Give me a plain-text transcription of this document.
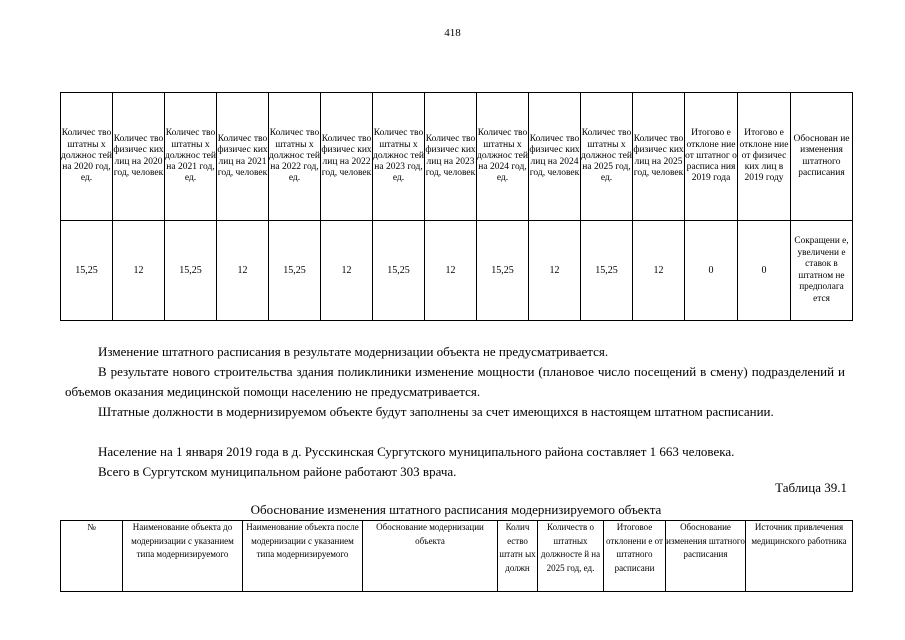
418
Количес тво штатны х должнос тей на 2020 год, ед.	Количес тво физичес ких лиц на 2020 год, человек	Количес тво штатны х должнос тей на 2021 год, ед.	Количес тво физичес ких лиц на 2021 год, человек	Количес тво штатны х должнос тей на 2022 год, ед.	Количес тво физичес ких лиц на 2022 год, человек	Количес тво штатны х должнос тей на 2023 год, ед.	Количес тво физичес ких лиц на 2023 год, человек	Количес тво штатны х должнос тей на 2024 год, ед.	Количес тво физичес ких лиц на 2024 год, человек	Количес тво штатны х должнос тей на 2025 год, ед.	Количес тво физичес ких лиц на 2025 год, человек	Итогово е отклоне ние от штатног о расписа ния 2019 года	Итогово е отклоне ние от физичес ких лиц в 2019 году	Обоснован ие изменения штатного расписания
15,25	12	15,25	12	15,25	12	15,25	12	15,25	12	15,25	12	0	0	Сокращени е, увеличени е ставок в штатном не предполага ется

Изменение штатного расписания в результате модернизации объекта не предусматривается.

В результате нового строительства здания поликлиники изменение мощности (плановое число посещений в смену) подразделений и объемов оказания медицинской помощи населению не предусматривается.

Штатные должности в модернизируемом объекте будут заполнены за счет имеющихся в настоящем штатном расписании.

Население на 1 января 2019 года в д. Русскинская Сургутского муниципального района составляет 1 663 человека.

Всего в Сургутском муниципальном районе работают 303 врача.

Таблица 39.1
Обоснование изменения штатного расписания модернизируемого объекта
№	Наименование объекта до модернизации с указанием типа модернизируемого	Наименование объекта после модернизации с указанием типа модернизируемого	Обоснование модернизации объекта	Колич ество штатн ых должн	Количеств о штатных должносте й на 2025 год, ед.	Итоговое отклонени е от штатного расписани	Обоснование изменения штатного расписания	Источник привлечения медицинского работника
